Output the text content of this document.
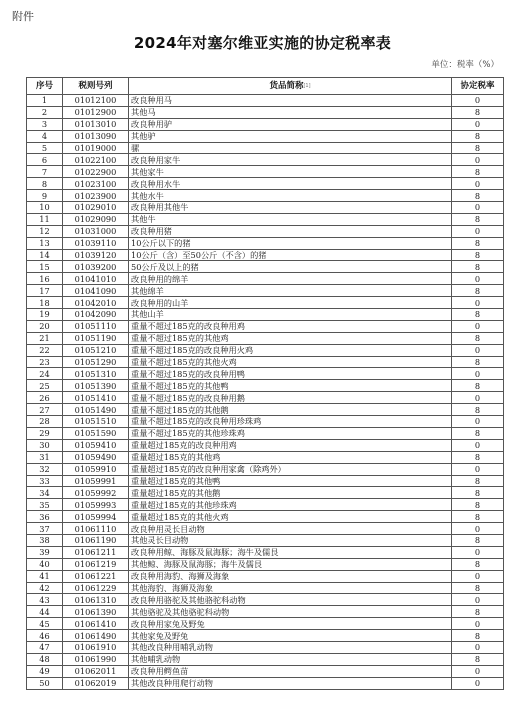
附件
2024年对塞尔维亚实施的协定税率表
单位：税率（%）
序号	税则号列	货品简称[1]	协定税率
1	01012100	改良种用马	0
2	01012900	其他马	8
3	01013010	改良种用驴	0
4	01013090	其他驴	8
5	01019000	骡	8
6	01022100	改良种用家牛	0
7	01022900	其他家牛	8
8	01023100	改良种用水牛	0
9	01023900	其他水牛	8
10	01029010	改良种用其他牛	0
11	01029090	其他牛	8
12	01031000	改良种用猪	0
13	01039110	10公斤以下的猪	8
14	01039120	10公斤（含）至50公斤（不含）的猪	8
15	01039200	50公斤及以上的猪	8
16	01041010	改良种用的绵羊	0
17	01041090	其他绵羊	8
18	01042010	改良种用的山羊	0
19	01042090	其他山羊	8
20	01051110	重量不超过185克的改良种用鸡	0
21	01051190	重量不超过185克的其他鸡	8
22	01051210	重量不超过185克的改良种用火鸡	0
23	01051290	重量不超过185克的其他火鸡	8
24	01051310	重量不超过185克的改良种用鸭	0
25	01051390	重量不超过185克的其他鸭	8
26	01051410	重量不超过185克的改良种用鹅	0
27	01051490	重量不超过185克的其他鹅	8
28	01051510	重量不超过185克的改良种用珍珠鸡	0
29	01051590	重量不超过185克的其他珍珠鸡	8
30	01059410	重量超过185克的改良种用鸡	0
31	01059490	重量超过185克的其他鸡	8
32	01059910	重量超过185克的改良种用家禽（除鸡外）	0
33	01059991	重量超过185克的其他鸭	8
34	01059992	重量超过185克的其他鹅	8
35	01059993	重量超过185克的其他珍珠鸡	8
36	01059994	重量超过185克的其他火鸡	8
37	01061110	改良种用灵长目动物	0
38	01061190	其他灵长目动物	8
39	01061211	改良种用鲸、海豚及鼠海豚；海牛及儒艮	0
40	01061219	其他鲸、海豚及鼠海豚；海牛及儒艮	8
41	01061221	改良种用海豹、海狮及海象	0
42	01061229	其他海豹、海狮及海象	8
43	01061310	改良种用骆驼及其他骆驼科动物	0
44	01061390	其他骆驼及其他骆驼科动物	8
45	01061410	改良种用家兔及野兔	0
46	01061490	其他家兔及野兔	8
47	01061910	其他改良种用哺乳动物	0
48	01061990	其他哺乳动物	8
49	01062011	改良种用鳄鱼苗	0
50	01062019	其他改良种用爬行动物	0
